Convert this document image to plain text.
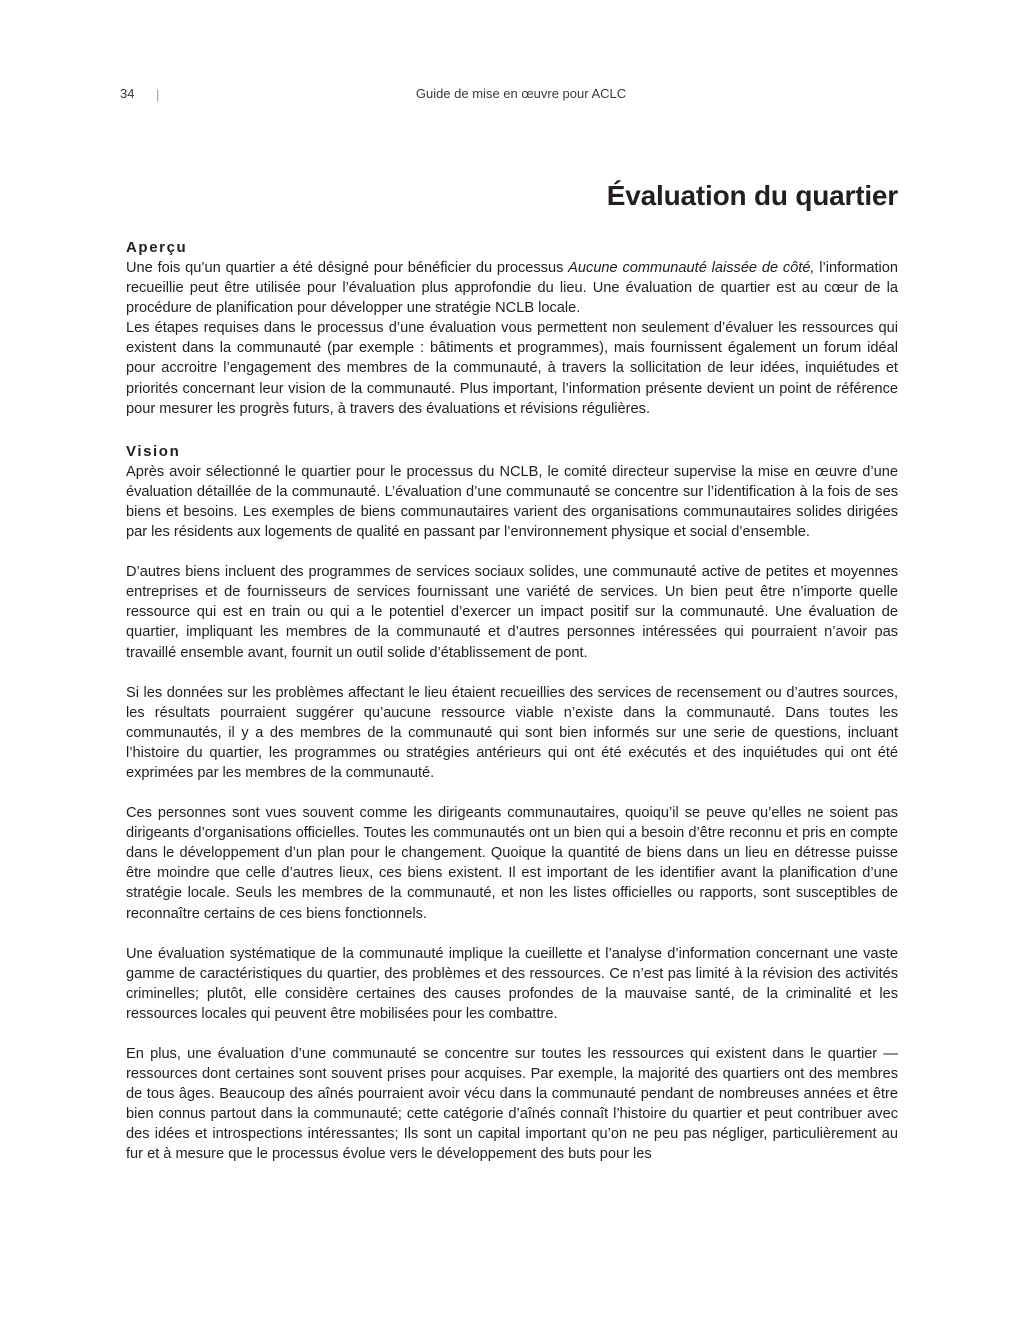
34 |	Guide de mise en œuvre pour ACLC
Évaluation du quartier
Aperçu

Une fois qu’un quartier a été désigné pour bénéficier du processus Aucune communauté laissée de côté, l’information recueillie peut être utilisée pour l’évaluation plus approfondie du lieu. Une évaluation de quartier est au cœur de la procédure de planification pour développer une stratégie NCLB locale.

Les étapes requises dans le processus d’une évaluation vous permettent non seulement d’évaluer les ressources qui existent dans la communauté (par exemple : bâtiments et programmes), mais fournissent également un forum idéal pour accroitre l’engagement des membres de la communauté, à travers la sollicitation de leur idées, inquiétudes et priorités concernant leur vision de la communauté. Plus important, l’information présente devient un point de référence pour mesurer les progrès futurs, à travers des évaluations et révisions régulières.

Vision

Après avoir sélectionné le quartier pour le processus du NCLB, le comité directeur supervise la mise en œuvre d’une évaluation détaillée de la communauté. L’évaluation d’une communauté se concentre sur l’identification à la fois de ses biens et besoins. Les exemples de biens communautaires varient des organisations communautaires solides dirigées par les résidents aux logements de qualité en passant par l’environnement physique et social d’ensemble.

D’autres biens incluent des programmes de services sociaux solides, une communauté active de petites et moyennes entreprises et de fournisseurs de services fournissant une variété de services. Un bien peut être n’importe quelle ressource qui est en train ou qui a le potentiel d’exercer un impact positif sur la communauté. Une évaluation de quartier, impliquant les membres de la communauté et d’autres personnes intéressées qui pourraient n’avoir pas travaillé ensemble avant, fournit un outil solide d’établissement de pont.

Si les données sur les problèmes affectant le lieu étaient recueillies des services de recensement ou d’autres sources, les résultats pourraient suggérer qu’aucune ressource viable n’existe dans la communauté. Dans toutes les communautés, il y a des membres de la communauté qui sont bien informés sur une serie de questions, incluant l’histoire du quartier, les programmes ou stratégies antérieurs qui ont été exécutés et des inquiétudes qui ont été exprimées par les membres de la communauté.

Ces personnes sont vues souvent comme les dirigeants communautaires, quoiqu’il se peuve qu’elles ne soient pas dirigeants d’organisations officielles. Toutes les communautés ont un bien qui a besoin d’être reconnu et pris en compte dans le développement d’un plan pour le changement. Quoique la quantité de biens dans un lieu en détresse puisse être moindre que celle d’autres lieux, ces biens existent. Il est important de les identifier avant la planification d’une stratégie locale. Seuls les membres de la communauté, et non les listes officielles ou rapports, sont susceptibles de reconnaître certains de ces biens fonctionnels.

Une évaluation systématique de la communauté implique la cueillette et l’analyse d’information concernant une vaste gamme de caractéristiques du quartier, des problèmes et des ressources. Ce n’est pas limité à la révision des activités criminelles; plutôt, elle considère certaines des causes profondes de la mauvaise santé, de la criminalité et les ressources locales qui peuvent être mobilisées pour les combattre.

En plus, une évaluation d’une communauté se concentre sur toutes les ressources qui existent dans le quartier — ressources dont certaines sont souvent prises pour acquises. Par exemple, la majorité des quartiers ont des membres de tous âges. Beaucoup des aînés pourraient avoir vécu dans la communauté pendant de nombreuses années et être bien connus partout dans la communauté; cette catégorie d’aînés connaît l’histoire du quartier et peut contribuer avec des idées et introspections intéressantes; Ils sont un capital important qu’on ne peu pas négliger, particulièrement au fur et à mesure que le processus évolue vers le développement des buts pour les
